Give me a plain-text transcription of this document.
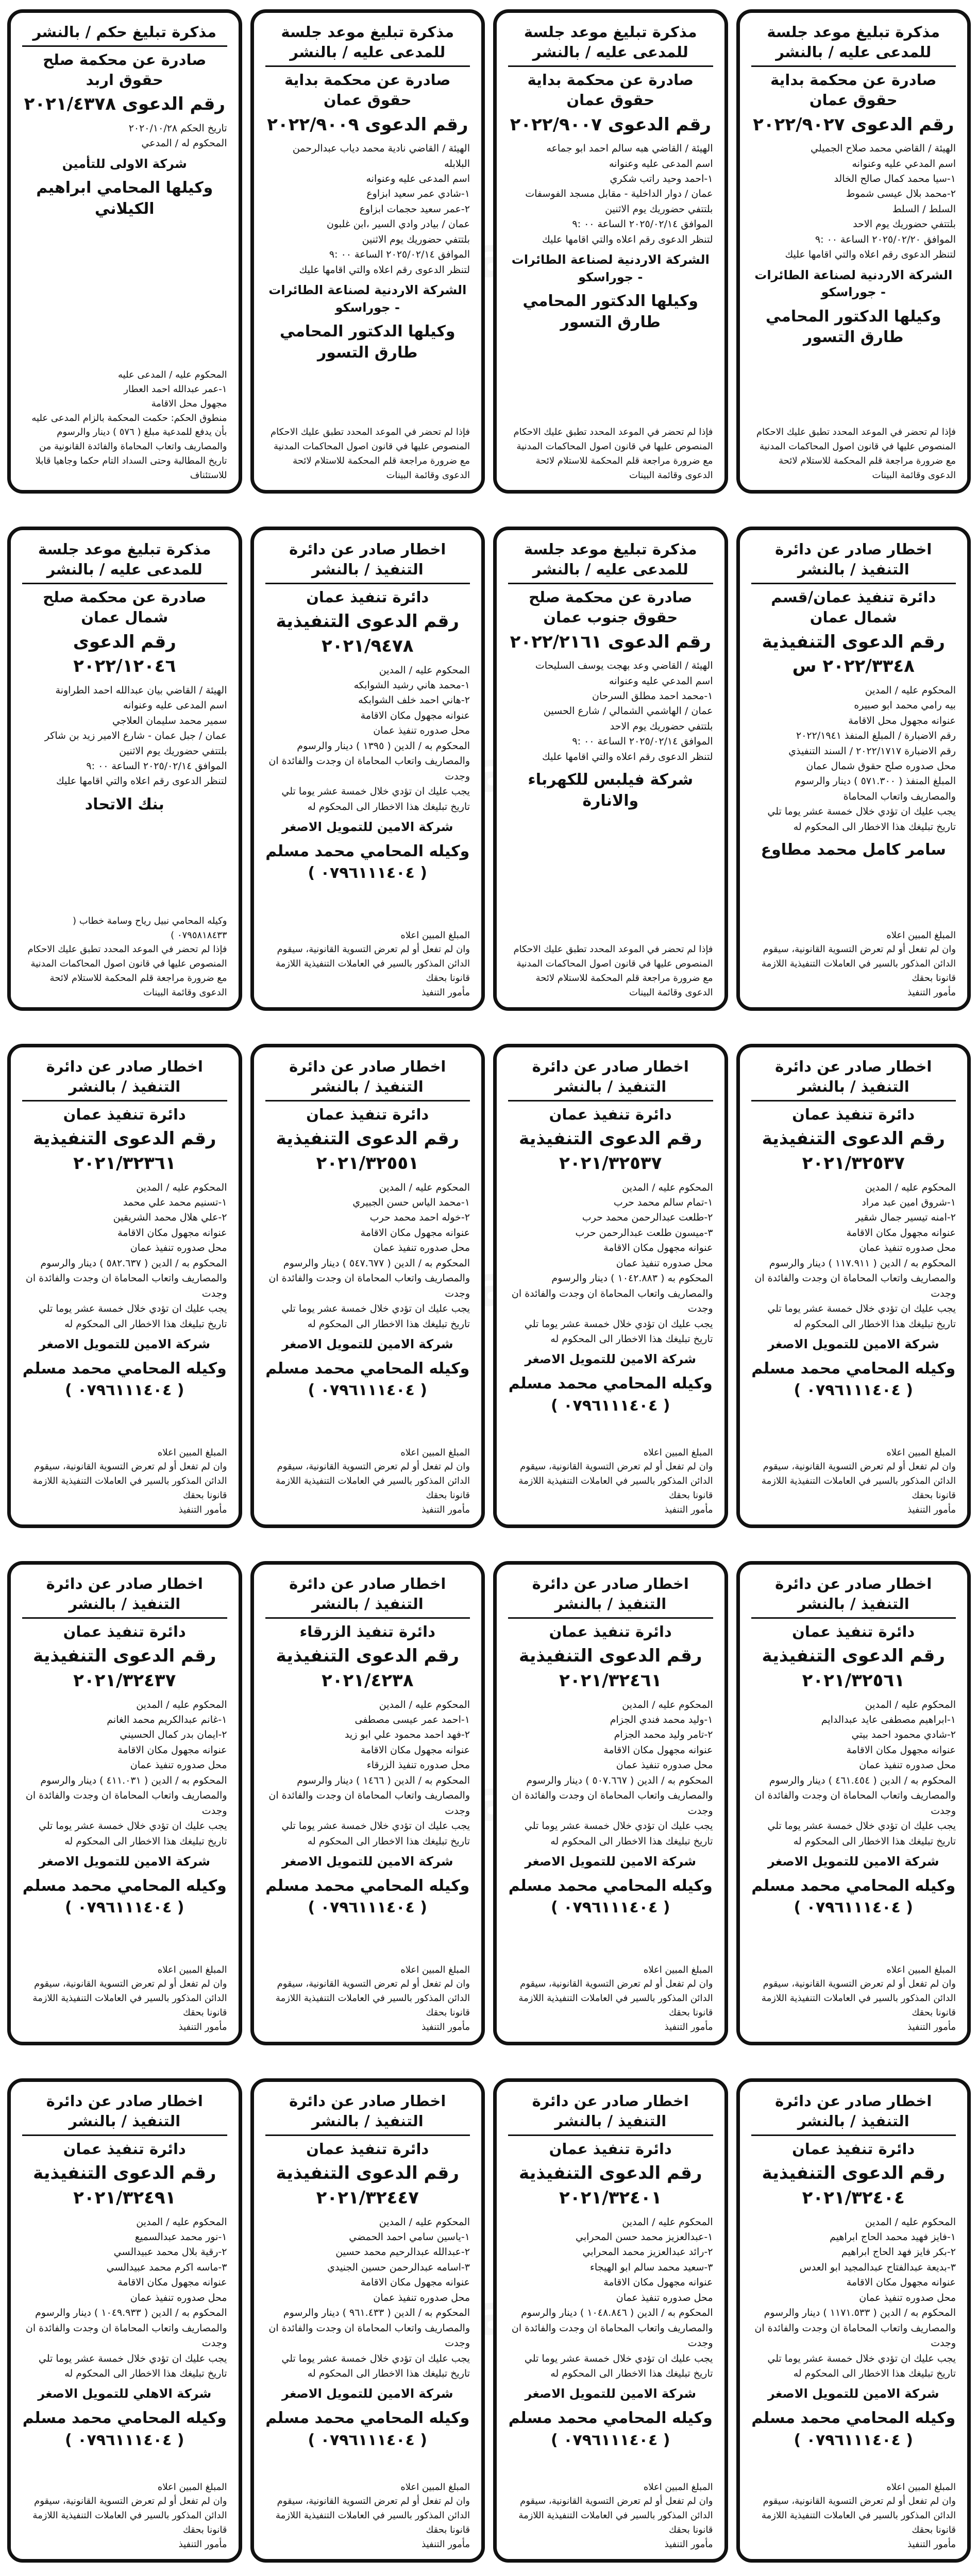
مذكرة تبليغ موعد جلسة للمدعى عليه / بالنشر
صادرة عن محكمة بداية حقوق عمان
رقم الدعوى ٢٠٢٢/٩٠٢٧
الهيئة / القاضي محمد صلاح الجميلي
اسم المدعي عليه وعنوانه
١-سيا محمد كمال صالح الخالد
٢-محمد بلال عيسى شموط
السلط / السلط
بلتتفي حضوريك يوم الاحد
الموافق ٢٠٢٥/٠٢/٢٠ الساعة ٠٠ :٩
لتنظر الدعوى رقم اعلاه والتي اقامها عليك
الشركة الاردنية لصناعة الطائرات - جوراسكو
وكيلها الدكتور المحامي طارق التسور
فإذا لم تحضر في الموعد المحدد تطبق عليك الاحكام المنصوص عليها في قانون اصول المحاكمات المدنية مع ضرورة مراجعة قلم المحكمة للاستلام لائحة الدعوى وقائمة البينات
مذكرة تبليغ موعد جلسة للمدعى عليه / بالنشر
صادرة عن محكمة بداية حقوق عمان
رقم الدعوى ٢٠٢٢/٩٠٠٧
الهيئة / القاضي هبه سالم احمد ابو جماعه
اسم المدعى عليه وعنوانه
١-احمد وحيد راتب شكري
عمان / دوار الداخلية - مقابل مسجد الفوسفات
بلتتفي حضوريك يوم الاثنين
الموافق ٢٠٢٥/٠٢/١٤ الساعة ٠٠ :٩
لتنظر الدعوى رقم اعلاه والتي اقامها عليك
الشركة الاردنية لصناعة الطائرات - جوراسكو
وكيلها الدكتور المحامي طارق التسور
فإذا لم تحضر في الموعد المحدد تطبق عليك الاحكام المنصوص عليها في قانون اصول المحاكمات المدنية مع ضرورة مراجعة قلم المحكمة للاستلام لائحة الدعوى وقائمة البينات
مذكرة تبليغ موعد جلسة للمدعى عليه / بالنشر
صادرة عن محكمة بداية حقوق عمان
رقم الدعوى ٢٠٢٢/٩٠٠٩
الهيئة / القاضي نادية محمد دياب عبدالرحمن البلابله
اسم المدعى عليه وعنوانه
١-شادي عمر سعيد ابزاوع
٢-عمر سعيد حجمات ابزاوع
عمان / بيادر وادي السير ،ابن غلبون
بلتتفي حضوريك يوم الاثنين
الموافق ٢٠٢٥/٠٢/١٤ الساعة ٠٠ :٩
لتنظر الدعوى رقم اعلاه والتي اقامها عليك
الشركة الاردنية لصناعة الطائرات - جوراسكو
وكيلها الدكتور المحامي طارق التسور
فإذا لم تحضر في الموعد المحدد تطبق عليك الاحكام المنصوص عليها في قانون اصول المحاكمات المدنية مع ضرورة مراجعة قلم المحكمة للاستلام لائحة الدعوى وقائمة البينات
مذكرة تبليغ حكم / بالنشر
صادرة عن محكمة صلح حقوق اربد
رقم الدعوى ٢٠٢١/٤٣٧٨
تاريخ الحكم ٢٠٢٠/١٠/٢٨
المحكوم له / المدعي
شركة الاولى للتأمين
وكيلها المحامي ابراهيم الكيلاني
المحكوم عليه / المدعى عليه
١-عمر عبدالله احمد العطار
مجهول محل الاقامة
منطوق الحكم: حكمت المحكمة بالزام المدعى عليه بأن يدفع للمدعية مبلغ ( ٥٧٦ ) دينار والرسوم والمصاريف واتعاب المحاماة والفائدة القانونية من تاريخ المطالبة وحتى السداد التام حكما وجاهيا قابلا للاستئناف
اخطار صادر عن دائرة التنفيذ / بالنشر
دائرة تنفيذ عمان/قسم شمال عمان
رقم الدعوى التنفيذية ٢٠٢٢/٣٣٤٨ س
المحكوم عليه / المدين
بيه رامي محمد ابو صبيره
عنوانه مجهول محل الاقامة
رقم الاضبارة / المبلغ المنفذ ٢٠٢٢/١٩٤١
رقم الاضبارة ٢٠٢٢/١٧١٧ / السند التنفيذي
محل صدوره صلح حقوق شمال عمان
المبلغ المنفذ ( ٥٧١.٣٠٠ ) دينار والرسوم والمصاريف واتعاب المحاماة
يجب عليك ان تؤدي خلال خمسة عشر يوما تلي تاريخ تبليغك هذا الاخطار الى المحكوم له
سامر كامل محمد مطاوع
المبلغ المبين اعلاه
وان لم تفعل أو لم تعرض التسوية القانونية، سيقوم الدائن المذكور بالسير في العاملات التنفيذية اللازمة قانونا بحقك
مأمور التنفيذ
مذكرة تبليغ موعد جلسة للمدعى عليه / بالنشر
صادرة عن محكمة صلح حقوق جنوب عمان
رقم الدعوى ٢٠٢٢/٢١٦١
الهيئة / القاضي وعد بهجت يوسف السليحات
اسم المدعي عليه وعنوانه
١-محمد احمد مطلق السرحان
عمان / الهاشمي الشمالي / شارع الحسين
بلتتفي حضوريك يوم الاحد
الموافق ٢٠٢٥/٠٢/١٤ الساعة ٠٠ :٩
لتنظر الدعوى رقم اعلاه والتي اقامها عليك
شركة فيلبس للكهرباء والانارة
فإذا لم تحضر في الموعد المحدد تطبق عليك الاحكام المنصوص عليها في قانون اصول المحاكمات المدنية مع ضرورة مراجعة قلم المحكمة للاستلام لائحة الدعوى وقائمة البينات
اخطار صادر عن دائرة التنفيذ / بالنشر
دائرة تنفيذ عمان
رقم الدعوى التنفيذية ٢٠٢١/٩٤٧٨
المحكوم عليه / المدين
١-محمد هاني رشيد الشوابكه
٢-هاني احمد خلف الشوابكه
عنوانه مجهول مكان الاقامة
محل صدوره تنفيذ عمان
المحكوم به / الدين ( ١٣٩٥ ) دينار والرسوم والمصاريف واتعاب المحاماة ان وجدت والفائدة ان وجدت
يجب عليك ان تؤدي خلال خمسة عشر يوما تلي تاريخ تبليغك هذا الاخطار الى المحكوم له
شركة الامين للتمويل الاصغر
وكيله المحامي محمد مسلم
( ٠٧٩٦١١١٤٠٤ )
المبلغ المبين اعلاه
وان لم تفعل أو لم تعرض التسوية القانونية، سيقوم الدائن المذكور بالسير في العاملات التنفيذية اللازمة قانونا بحقك
مأمور التنفيذ
مذكرة تبليغ موعد جلسة للمدعى عليه / بالنشر
صادرة عن محكمة صلح شمال عمان
رقم الدعوى ٢٠٢٢/١٢٠٤٦
الهيئة / القاضي بيان عبدالله احمد الطراونة
اسم المدعى عليه وعنوانه
سمير محمد سليمان العلاجي
عمان / جبل عمان - شارع الامير زيد بن شاكر
بلتتفي حضوريك يوم الاثنين
الموافق ٢٠٢٥/٠٢/١٤ الساعة ٠٠ :٩
لتنظر الدعوى رقم اعلاه والتي اقامها عليك
بنك الاتحاد
وكيله المحامي نبيل رياح وسامة خطاب ( ٠٧٩٥٨١٨٤٣٣ )
فإذا لم تحضر في الموعد المحدد تطبق عليك الاحكام المنصوص عليها في قانون اصول المحاكمات المدنية مع ضرورة مراجعة قلم المحكمة للاستلام لائحة الدعوى وقائمة البينات
اخطار صادر عن دائرة التنفيذ / بالنشر
دائرة تنفيذ عمان
رقم الدعوى التنفيذية ٢٠٢١/٣٢٥٣٧
المحكوم عليه / المدين
١-شروق امين عبد مراد
٢-امنه تيسير جمال شقير
عنوانه مجهول مكان الاقامة
محل صدوره تنفيذ عمان
المحكوم به / الدين ( ١١٧.٩١١ ) دينار والرسوم والمصاريف واتعاب المحاماة ان وجدت والفائدة ان وجدت
يجب عليك ان تؤدي خلال خمسة عشر يوما تلي تاريخ تبليغك هذا الاخطار الى المحكوم له
شركة الامين للتمويل الاصغر
وكيله المحامي محمد مسلم
( ٠٧٩٦١١١٤٠٤ )
المبلغ المبين اعلاه
وان لم تفعل أو لم تعرض التسوية القانونية، سيقوم الدائن المذكور بالسير في العاملات التنفيذية اللازمة قانونا بحقك
مأمور التنفيذ
اخطار صادر عن دائرة التنفيذ / بالنشر
دائرة تنفيذ عمان
رقم الدعوى التنفيذية ٢٠٢١/٣٢٥٣٧
المحكوم عليه / المدين
١-تمام سالم محمد حرب
٢-طلعت عبدالرحمن محمد حرب
٣-ميسون طلعت عبدالرحمن حرب
عنوانه مجهول مكان الاقامة
محل صدوره تنفيذ عمان
المحكوم به ( ١٠٤٢.٨٨٣ ) دينار والرسوم والمصاريف واتعاب المحاماة ان وجدت والفائدة ان وجدت
يجب عليك ان تؤدي خلال خمسة عشر يوما تلي تاريخ تبليغك هذا الاخطار الى المحكوم له
شركة الامين للتمويل الاصغر
وكيله المحامي محمد مسلم
( ٠٧٩٦١١١٤٠٤ )
المبلغ المبين اعلاه
وان لم تفعل أو لم تعرض التسوية القانونية، سيقوم الدائن المذكور بالسير في العاملات التنفيذية اللازمة قانونا بحقك
مأمور التنفيذ
اخطار صادر عن دائرة التنفيذ / بالنشر
دائرة تنفيذ عمان
رقم الدعوى التنفيذية ٢٠٢١/٣٢٥٥١
المحكوم عليه / المدين
١-محمد الياس حسن الجبيري
٢-خوله احمد محمد حرب
عنوانه مجهول مكان الاقامة
محل صدوره تنفيذ عمان
المحكوم به / الدين ( ٥٤٧.٦٧٧ ) دينار والرسوم والمصاريف واتعاب المحاماة ان وجدت والفائدة ان وجدت
يجب عليك ان تؤدي خلال خمسة عشر يوما تلي تاريخ تبليغك هذا الاخطار الى المحكوم له
شركة الامين للتمويل الاصغر
وكيله المحامي محمد مسلم
( ٠٧٩٦١١١٤٠٤ )
المبلغ المبين اعلاه
وان لم تفعل أو لم تعرض التسوية القانونية، سيقوم الدائن المذكور بالسير في العاملات التنفيذية اللازمة قانونا بحقك
مأمور التنفيذ
اخطار صادر عن دائرة التنفيذ / بالنشر
دائرة تنفيذ عمان
رقم الدعوى التنفيذية ٢٠٢١/٣٢٣٦١
المحكوم عليه / المدين
١-تسنيم محمد علي محمد
٢-علي هلال محمد الشريقين
عنوانه مجهول مكان الاقامة
محل صدوره تنفيذ عمان
المحكوم به / الدين ( ٥٨٢.٦٣٧ ) دينار والرسوم والمصاريف واتعاب المحاماة ان وجدت والفائدة ان وجدت
يجب عليك ان تؤدي خلال خمسة عشر يوما تلي تاريخ تبليغك هذا الاخطار الى المحكوم له
شركة الامين للتمويل الاصغر
وكيله المحامي محمد مسلم
( ٠٧٩٦١١١٤٠٤ )
المبلغ المبين اعلاه
وان لم تفعل أو لم تعرض التسوية القانونية، سيقوم الدائن المذكور بالسير في العاملات التنفيذية اللازمة قانونا بحقك
مأمور التنفيذ
اخطار صادر عن دائرة التنفيذ / بالنشر
دائرة تنفيذ عمان
رقم الدعوى التنفيذية ٢٠٢١/٣٢٥٦١
المحكوم عليه / المدين
١-ابراهيم مصطفى عايد عبدالدايم
٢-شادي محمود احمد بيتي
عنوانه مجهول مكان الاقامة
محل صدوره تنفيذ عمان
المحكوم به / الدين ( ٤٦١.٤٥٤ ) دينار والرسوم والمصاريف واتعاب المحاماة ان وجدت والفائدة ان وجدت
يجب عليك ان تؤدي خلال خمسة عشر يوما تلي تاريخ تبليغك هذا الاخطار الى المحكوم له
شركة الامين للتمويل الاصغر
وكيله المحامي محمد مسلم
( ٠٧٩٦١١١٤٠٤ )
المبلغ المبين اعلاه
وان لم تفعل أو لم تعرض التسوية القانونية، سيقوم الدائن المذكور بالسير في العاملات التنفيذية اللازمة قانونا بحقك
مأمور التنفيذ
اخطار صادر عن دائرة التنفيذ / بالنشر
دائرة تنفيذ عمان
رقم الدعوى التنفيذية ٢٠٢١/٣٢٤٦١
المحكوم عليه / المدين
١-وليد محمد فندي الجزام
٢-تامر وليد محمد الجزام
عنوانه مجهول مكان الاقامة
محل صدوره تنفيذ عمان
المحكوم به / الدين ( ٥٠٧.٦٦٧ ) دينار والرسوم والمصاريف واتعاب المحاماة ان وجدت والفائدة ان وجدت
يجب عليك ان تؤدي خلال خمسة عشر يوما تلي تاريخ تبليغك هذا الاخطار الى المحكوم له
شركة الامين للتمويل الاصغر
وكيله المحامي محمد مسلم
( ٠٧٩٦١١١٤٠٤ )
المبلغ المبين اعلاه
وان لم تفعل أو لم تعرض التسوية القانونية، سيقوم الدائن المذكور بالسير في العاملات التنفيذية اللازمة قانونا بحقك
مأمور التنفيذ
اخطار صادر عن دائرة التنفيذ / بالنشر
دائرة تنفيذ الزرقاء
رقم الدعوى التنفيذية ٢٠٢١/٤٢٣٨
المحكوم عليه / المدين
١-احمد عمر عيسى مصطفى
٢-فهد احمد محمود علي ابو زيد
عنوانه مجهول مكان الاقامة
محل صدوره تنفيذ الزرقاء
المحكوم به / الدين ( ١٤٦٦ ) دينار والرسوم والمصاريف واتعاب المحاماة ان وجدت والفائدة ان وجدت
يجب عليك ان تؤدي خلال خمسة عشر يوما تلي تاريخ تبليغك هذا الاخطار الى المحكوم له
شركة الامين للتمويل الاصغر
وكيله المحامي محمد مسلم
( ٠٧٩٦١١١٤٠٤ )
المبلغ المبين اعلاه
وان لم تفعل أو لم تعرض التسوية القانونية، سيقوم الدائن المذكور بالسير في العاملات التنفيذية اللازمة قانونا بحقك
مأمور التنفيذ
اخطار صادر عن دائرة التنفيذ / بالنشر
دائرة تنفيذ عمان
رقم الدعوى التنفيذية ٢٠٢١/٣٢٤٣٧
المحكوم عليه / المدين
١-غانم عبدالكريم محمد الغانم
٢-ايمان بدر كمال الحسيني
عنوانه مجهول مكان الاقامة
محل صدوره تنفيذ عمان
المحكوم به / الدين ( ٤١١.٠٣١ ) دينار والرسوم والمصاريف واتعاب المحاماة ان وجدت والفائدة ان وجدت
يجب عليك ان تؤدي خلال خمسة عشر يوما تلي تاريخ تبليغك هذا الاخطار الى المحكوم له
شركة الامين للتمويل الاصغر
وكيله المحامي محمد مسلم
( ٠٧٩٦١١١٤٠٤ )
المبلغ المبين اعلاه
وان لم تفعل أو لم تعرض التسوية القانونية، سيقوم الدائن المذكور بالسير في العاملات التنفيذية اللازمة قانونا بحقك
مأمور التنفيذ
اخطار صادر عن دائرة التنفيذ / بالنشر
دائرة تنفيذ عمان
رقم الدعوى التنفيذية ٢٠٢١/٣٢٤٠٤
المحكوم عليه / المدين
١-فايز فهيد محمد الحاج ابراهيم
٢-بكر فايز فهد الحاج ابراهيم
٣-بديعة عبدالفتاح عبدالمجيد ابو العدس
عنوانه مجهول مكان الاقامة
محل صدوره تنفيذ عمان
المحكوم به / الدين ( ١١٧١.٥٣٣ ) دينار والرسوم والمصاريف واتعاب المحاماة ان وجدت والفائدة ان وجدت
يجب عليك ان تؤدي خلال خمسة عشر يوما تلي تاريخ تبليغك هذا الاخطار الى المحكوم له
شركة الامين للتمويل الاصغر
وكيله المحامي محمد مسلم
( ٠٧٩٦١١١٤٠٤ )
المبلغ المبين اعلاه
وان لم تفعل أو لم تعرض التسوية القانونية، سيقوم الدائن المذكور بالسير في العاملات التنفيذية اللازمة قانونا بحقك
مأمور التنفيذ
اخطار صادر عن دائرة التنفيذ / بالنشر
دائرة تنفيذ عمان
رقم الدعوى التنفيذية ٢٠٢١/٣٢٤٠١
المحكوم عليه / المدين
١-عبدالعزيز محمد حسن المحرابي
٢-رائد عبدالعزيز محمد المحرابي
٣-سعيد محمد سالم ابو الهيجاء
عنوانه مجهول مكان الاقامة
محل صدوره تنفيذ عمان
المحكوم به / الدين ( ١٠٤٨.٨٤٦ ) دينار والرسوم والمصاريف واتعاب المحاماة ان وجدت والفائدة ان وجدت
يجب عليك ان تؤدي خلال خمسة عشر يوما تلي تاريخ تبليغك هذا الاخطار الى المحكوم له
شركة الامين للتمويل الاصغر
وكيله المحامي محمد مسلم
( ٠٧٩٦١١١٤٠٤ )
المبلغ المبين اعلاه
وان لم تفعل أو لم تعرض التسوية القانونية، سيقوم الدائن المذكور بالسير في العاملات التنفيذية اللازمة قانونا بحقك
مأمور التنفيذ
اخطار صادر عن دائرة التنفيذ / بالنشر
دائرة تنفيذ عمان
رقم الدعوى التنفيذية ٢٠٢١/٣٢٤٤٧
المحكوم عليه / المدين
١-ياسين سامي احمد الحمضي
٢-عبدالله عبدالرحيم محمد حسين
٣-اسامه عبدالرحمن حسين الجنيدي
عنوانه مجهول مكان الاقامة
محل صدوره تنفيذ عمان
المحكوم به / الدين ( ٩٦١.٤٣٣ ) دينار والرسوم والمصاريف واتعاب المحاماة ان وجدت والفائدة ان وجدت
يجب عليك ان تؤدي خلال خمسة عشر يوما تلي تاريخ تبليغك هذا الاخطار الى المحكوم له
شركة الامين للتمويل الاصغر
وكيله المحامي محمد مسلم
( ٠٧٩٦١١١٤٠٤ )
المبلغ المبين اعلاه
وان لم تفعل أو لم تعرض التسوية القانونية، سيقوم الدائن المذكور بالسير في العاملات التنفيذية اللازمة قانونا بحقك
مأمور التنفيذ
اخطار صادر عن دائرة التنفيذ / بالنشر
دائرة تنفيذ عمان
رقم الدعوى التنفيذية ٢٠٢١/٣٢٤٩١
المحكوم عليه / المدين
١-نور محمد عبدالسميع
٢-رقية بلال محمد عبيدالسي
٣-ماسه اكرم محمد عبيدالسي
عنوانه مجهول مكان الاقامة
محل صدوره تنفيذ عمان
المحكوم به / الدين ( ١٠٤٩.٩٣٣ ) دينار والرسوم والمصاريف واتعاب المحاماة ان وجدت والفائدة ان وجدت
يجب عليك ان تؤدي خلال خمسة عشر يوما تلي تاريخ تبليغك هذا الاخطار الى المحكوم له
شركة الاهلي للتمويل الاصغر
وكيله المحامي محمد مسلم
( ٠٧٩٦١١١٤٠٤ )
المبلغ المبين اعلاه
وان لم تفعل أو لم تعرض التسوية القانونية، سيقوم الدائن المذكور بالسير في العاملات التنفيذية اللازمة قانونا بحقك
مأمور التنفيذ
